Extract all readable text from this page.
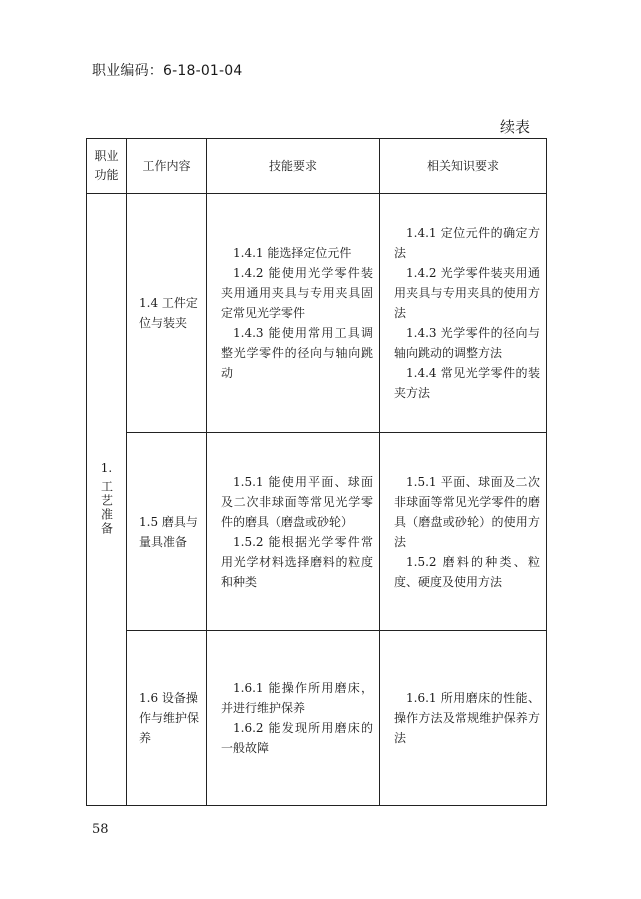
职业编码：6-18-01-04
续表
职业功能	工作内容	技能要求	相关知识要求

1.
工艺准备	1.4 工件定位与装夹	1.4.1 能选择定位元件
1.4.2 能使用光学零件装夹用通用夹具与专用夹具固定常见光学零件
1.4.3 能使用常用工具调整光学零件的径向与轴向跳动	1.4.1 定位元件的确定方法
1.4.2 光学零件装夹用通用夹具与专用夹具的使用方法
1.4.3 光学零件的径向与轴向跳动的调整方法
1.4.4 常见光学零件的装夹方法

	1.5 磨具与量具准备	1.5.1 能使用平面、球面及二次非球面等常见光学零件的磨具（磨盘或砂轮）
1.5.2 能根据光学零件常用光学材料选择磨料的粒度和种类	1.5.1 平面、球面及二次非球面等常见光学零件的磨具（磨盘或砂轮）的使用方法
1.5.2 磨料的种类、粒度、硬度及使用方法

	1.6 设备操作与维护保养	1.6.1 能操作所用磨床，并进行维护保养
1.6.2 能发现所用磨床的一般故障	1.6.1 所用磨床的性能、操作方法及常规维护保养方法
58
